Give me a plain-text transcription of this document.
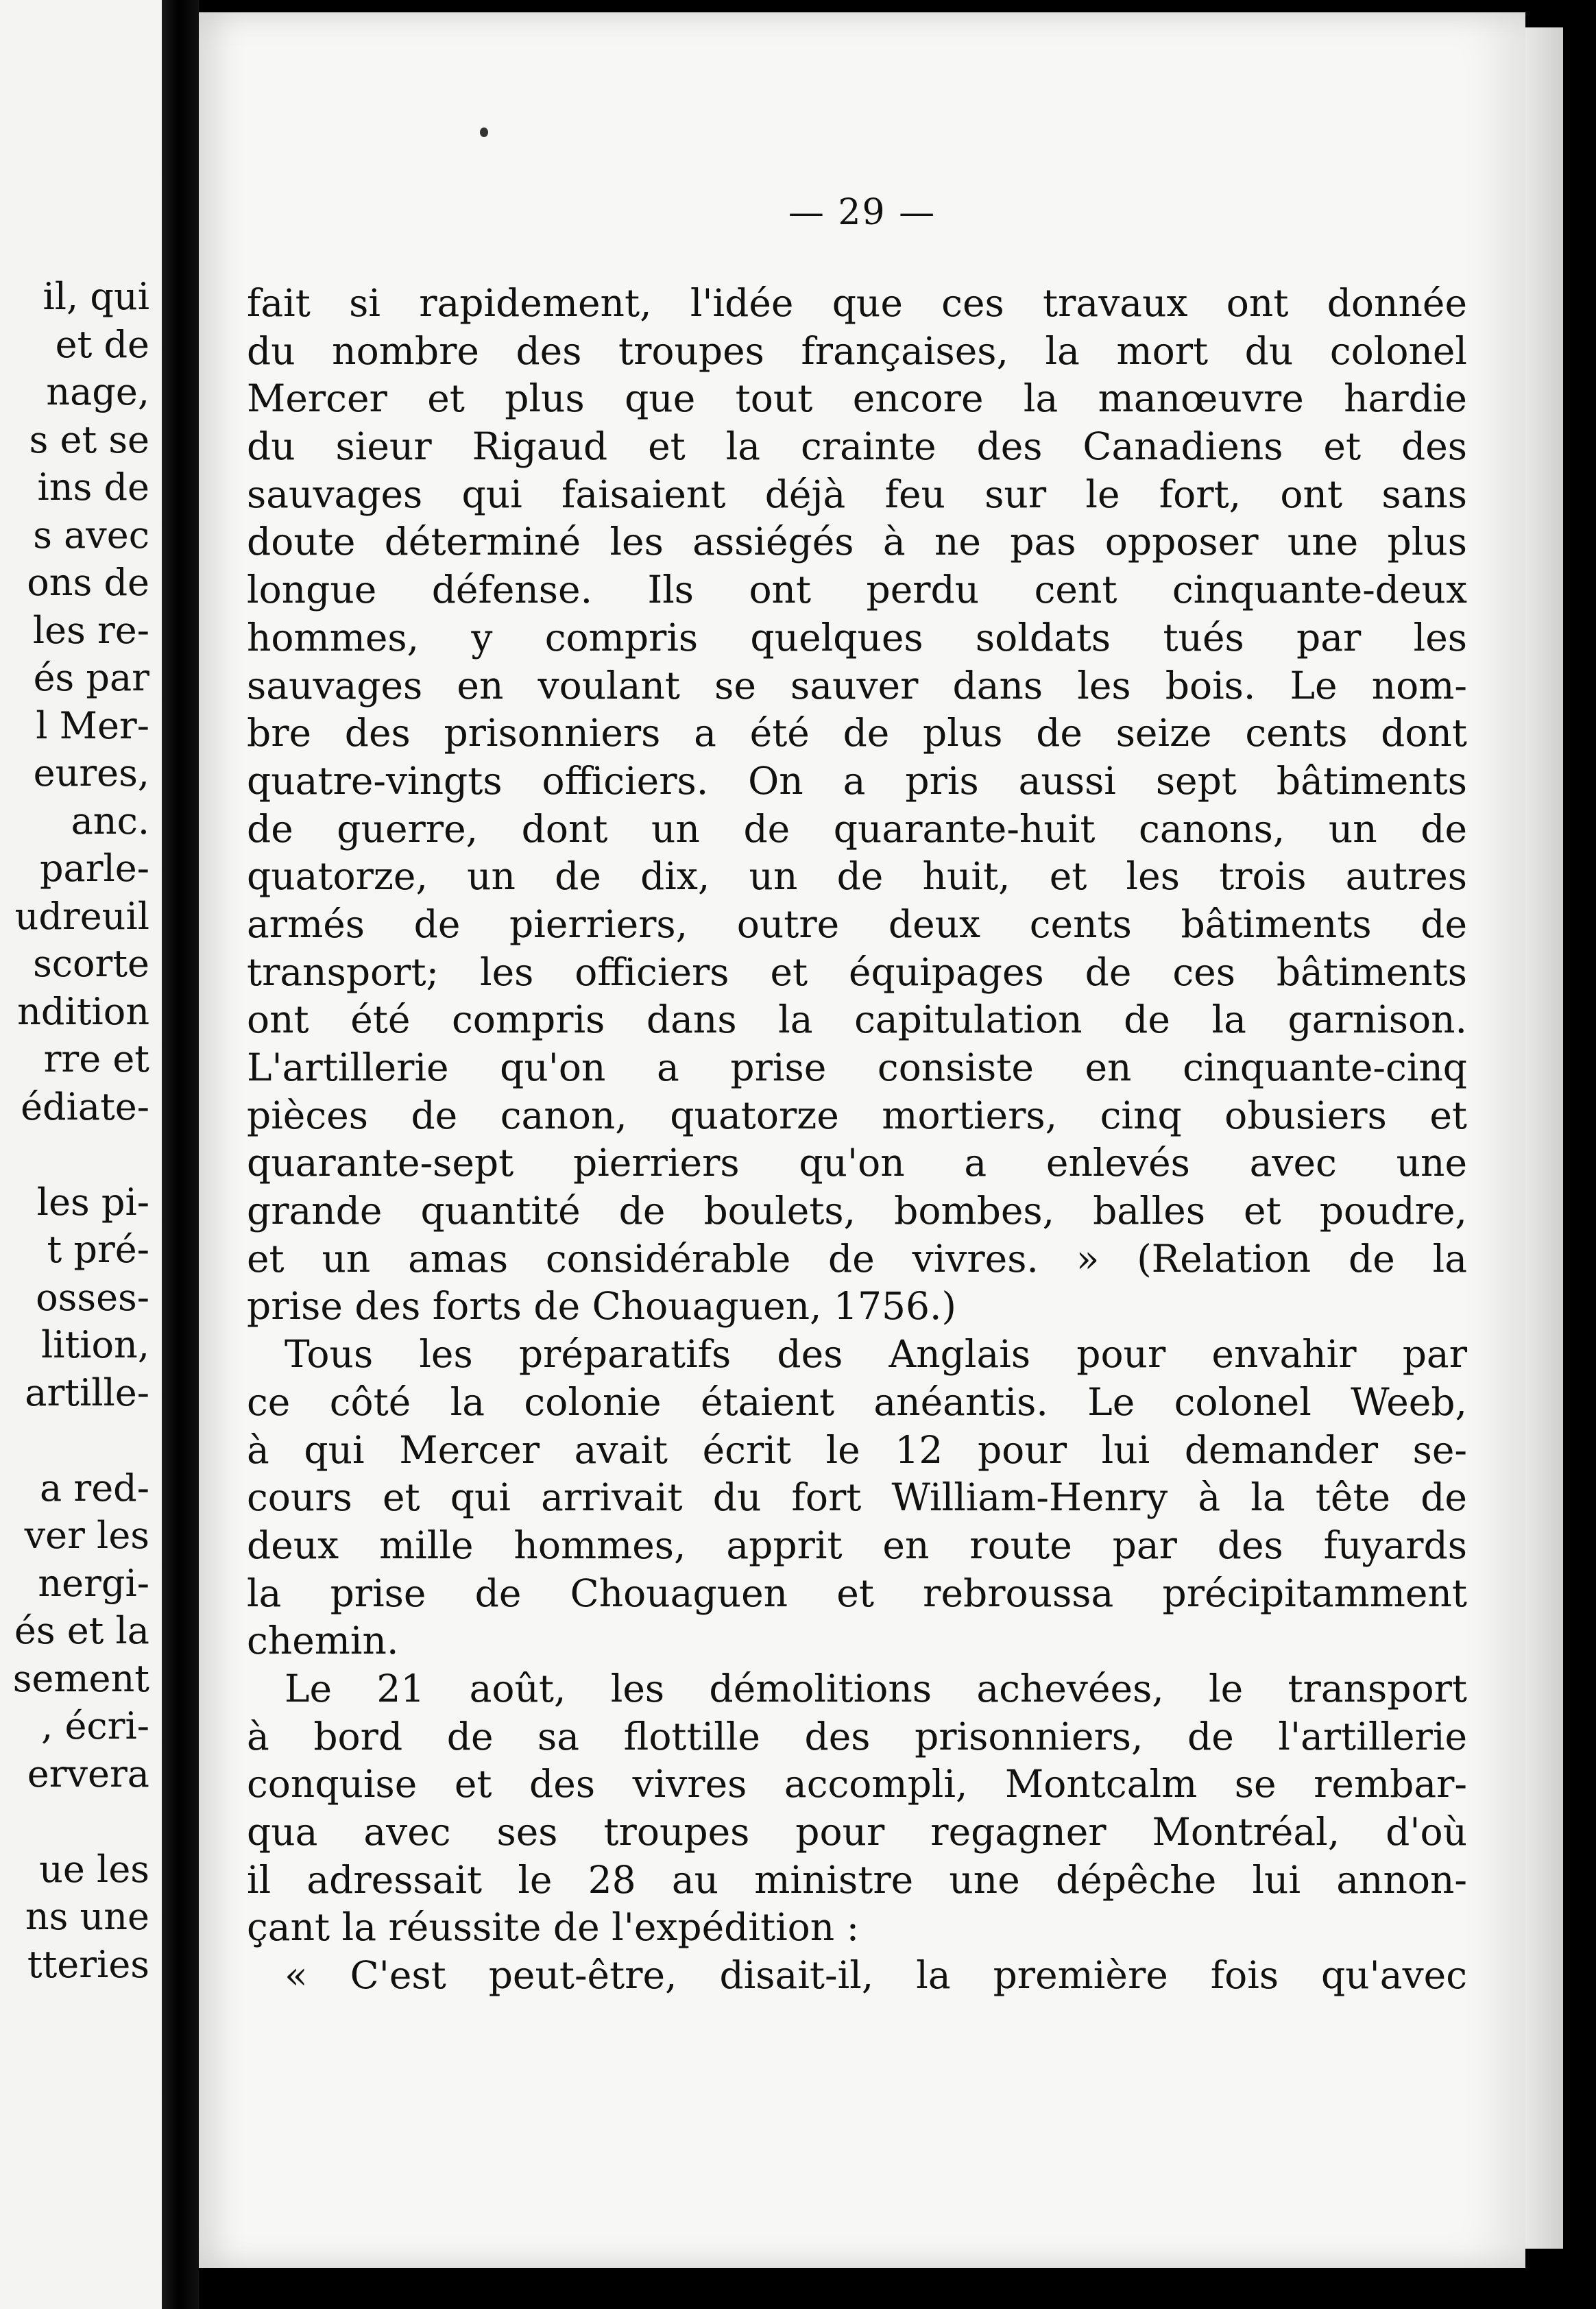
il, qui
et de
nage,
s et se
ins de
s avec
ons de
les re-
és par
l Mer-
eures,
anc.
parle-
udreuil
scorte
ndition
rre et
édiate-
les pi-
t pré-
osses-
lition,
artille-
a red-
ver les
nergi-
és et la
sement
, écri-
ervera
ue les
ns une
tteries
— 29 —
fait si rapidement, l'idée que ces travaux ont donnée
du nombre des troupes françaises, la mort du colonel
Mercer et plus que tout encore la manœuvre hardie
du sieur Rigaud et la crainte des Canadiens et des
sauvages qui faisaient déjà feu sur le fort, ont sans
doute déterminé les assiégés à ne pas opposer une plus
longue défense. Ils ont perdu cent cinquante-deux
hommes, y compris quelques soldats tués par les
sauvages en voulant se sauver dans les bois. Le nom-
bre des prisonniers a été de plus de seize cents dont
quatre-vingts officiers. On a pris aussi sept bâtiments
de guerre, dont un de quarante-huit canons, un de
quatorze, un de dix, un de huit, et les trois autres
armés de pierriers, outre deux cents bâtiments de
transport; les officiers et équipages de ces bâtiments
ont été compris dans la capitulation de la garnison.
L'artillerie qu'on a prise consiste en cinquante-cinq
pièces de canon, quatorze mortiers, cinq obusiers et
quarante-sept pierriers qu'on a enlevés avec une
grande quantité de boulets, bombes, balles et poudre,
et un amas considérable de vivres. » (Relation de la
prise des forts de Chouaguen, 1756.)
Tous les préparatifs des Anglais pour envahir par
ce côté la colonie étaient anéantis. Le colonel Weeb,
à qui Mercer avait écrit le 12 pour lui demander se-
cours et qui arrivait du fort William-Henry à la tête de
deux mille hommes, apprit en route par des fuyards
la prise de Chouaguen et rebroussa précipitamment
chemin.
Le 21 août, les démolitions achevées, le transport
à bord de sa flottille des prisonniers, de l'artillerie
conquise et des vivres accompli, Montcalm se rembar-
qua avec ses troupes pour regagner Montréal, d'où
il adressait le 28 au ministre une dépêche lui annon-
çant la réussite de l'expédition :
« C'est peut-être, disait-il, la première fois qu'avec
